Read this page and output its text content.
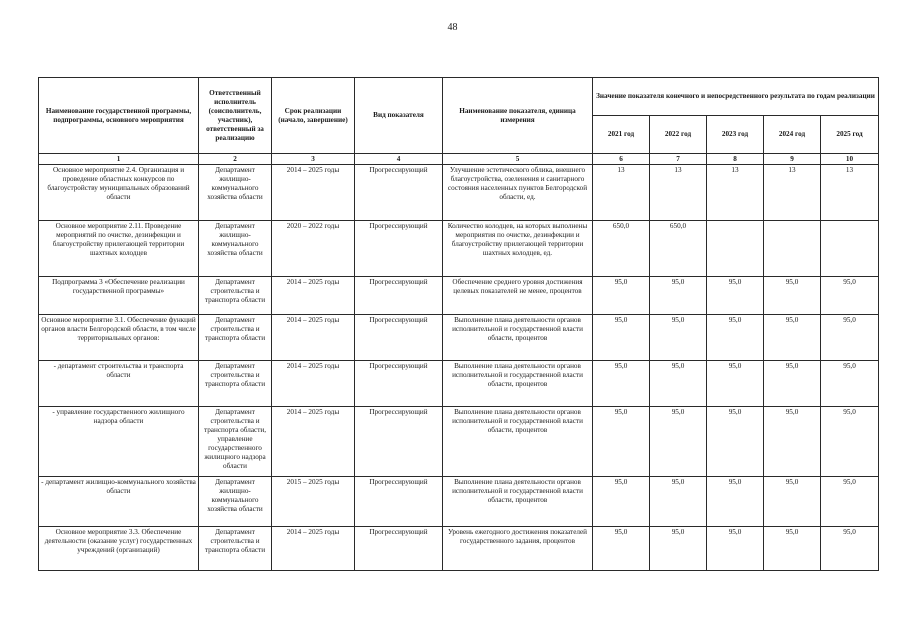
48
Наименование государственной программы, подпрограммы, основного мероприятия	Ответственный исполнитель (соисполнитель, участник), ответственный за реализацию	Срок реализации (начало, завершение)	Вид показателя	Наименование показателя, единица измерения	Значение показателя конечного и непосредственного результата по годам реализации				
					2021 год	2022 год	2023 год	2024 год	2025 год
1	2	3	4	5	6	7	8	9	10
Основное мероприятие 2.4. Организация и проведение областных конкурсов по благоустройству муниципальных образований области	Департамент жилищно-коммунального хозяйства области	2014 – 2025 годы	Прогрессирующий	Улучшение эстетического облика, внешнего благоустройства, озеленения и санитарного состояния населенных пунктов Белгородской области, ед.	13	13	13	13	13
Основное мероприятие 2.11. Проведение мероприятий по очистке, дезинфекции и благоустройству прилегающей территории шахтных колодцев	Департамент жилищно-коммунального хозяйства области	2020 – 2022 годы	Прогрессирующий	Количество колодцев, на которых выполнены мероприятия по очистке, дезинфекции и благоустройству прилегающей территории шахтных колодцев, ед.	650,0	650,0			
Подпрограмма 3 «Обеспечение реализации государственной программы»	Департамент строительства и транспорта области	2014 – 2025 годы	Прогрессирующий	Обеспечение среднего уровня достижения целевых показателей не менее, процентов	95,0	95,0	95,0	95,0	95,0
Основное мероприятие 3.1. Обеспечение функций органов власти Белгородской области, в том числе территориальных органов:	Департамент строительства и транспорта области	2014 – 2025 годы	Прогрессирующий	Выполнение плана деятельности органов исполнительной и государственной власти области, процентов	95,0	95,0	95,0	95,0	95,0
- департамент строительства и транспорта области	Департамент строительства и транспорта области	2014 – 2025 годы	Прогрессирующий	Выполнение плана деятельности органов исполнительной и государственной власти области, процентов	95,0	95,0	95,0	95,0	95,0
- управление государственного жилищного надзора области	Департамент строительства и транспорта области, управление государственного жилищного надзора области	2014 – 2025 годы	Прогрессирующий	Выполнение плана деятельности органов исполнительной и государственной власти области, процентов	95,0	95,0	95,0	95,0	95,0
- департамент жилищно-коммунального хозяйства области	Департамент жилищно-коммунального хозяйства области	2015 – 2025 годы	Прогрессирующий	Выполнение плана деятельности органов исполнительной и государственной власти области, процентов	95,0	95,0	95,0	95,0	95,0
Основное мероприятие 3.3. Обеспечение деятельности (оказание услуг) государственных учреждений (организаций)	Департамент строительства и транспорта области	2014 – 2025 годы	Прогрессирующий	Уровень ежегодного достижения показателей государственного задания, процентов	95,0	95,0	95,0	95,0	95,0
